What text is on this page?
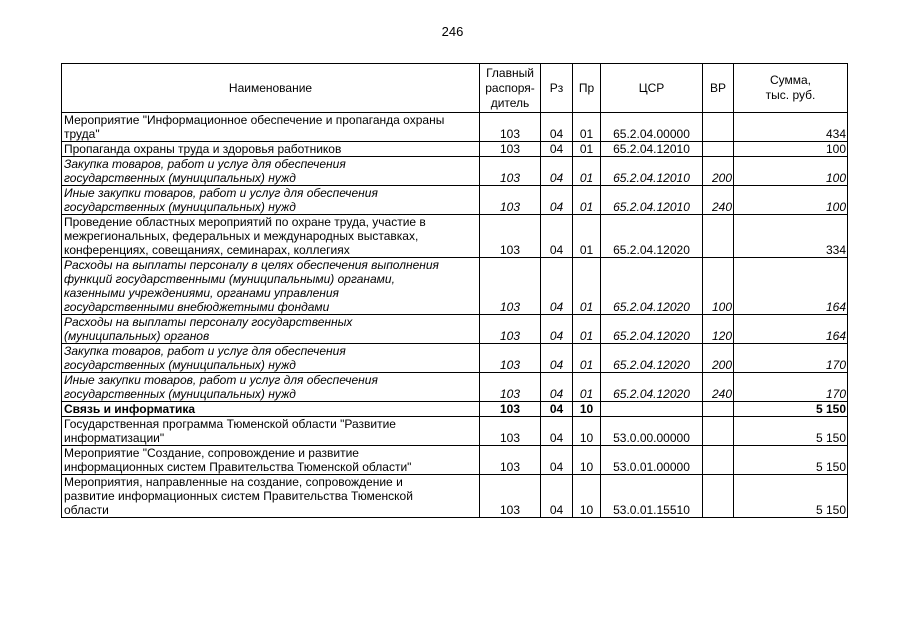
246
Наименование	Главный
распоря-
дитель	Рз	Пр	ЦСР	ВР	Сумма,
тыс. руб.

Мероприятие "Информационное обеспечение и пропаганда охраны
труда"	103	04	01	65.2.04.00000		434

Пропаганда охраны труда и здоровья работников	103	04	01	65.2.04.12010		100

Закупка товаров, работ и услуг для обеспечения
государственных (муниципальных) нужд	103	04	01	65.2.04.12010	200	100

Иные закупки товаров, работ и услуг для обеспечения
государственных (муниципальных) нужд	103	04	01	65.2.04.12010	240	100

Проведение областных мероприятий по охране труда, участие в
межрегиональных, федеральных и международных выставках,
конференциях, совещаниях, семинарах, коллегиях	103	04	01	65.2.04.12020		334

Расходы на выплаты персоналу в целях обеспечения выполнения
функций государственными (муниципальными) органами,
казенными учреждениями, органами управления
государственными внебюджетными фондами	103	04	01	65.2.04.12020	100	164

Расходы на выплаты персоналу государственных
(муниципальных) органов	103	04	01	65.2.04.12020	120	164

Закупка товаров, работ и услуг для обеспечения
государственных (муниципальных) нужд	103	04	01	65.2.04.12020	200	170

Иные закупки товаров, работ и услуг для обеспечения
государственных (муниципальных) нужд	103	04	01	65.2.04.12020	240	170

Связь и информатика	103	04	10			5 150

Государственная программа Тюменской области "Развитие
информатизации"	103	04	10	53.0.00.00000		5 150

Мероприятие "Создание, сопровождение и развитие
информационных систем Правительства Тюменской области"	103	04	10	53.0.01.00000		5 150

Мероприятия, направленные на создание, сопровождение и
развитие информационных систем Правительства Тюменской
области	103	04	10	53.0.01.15510		5 150
